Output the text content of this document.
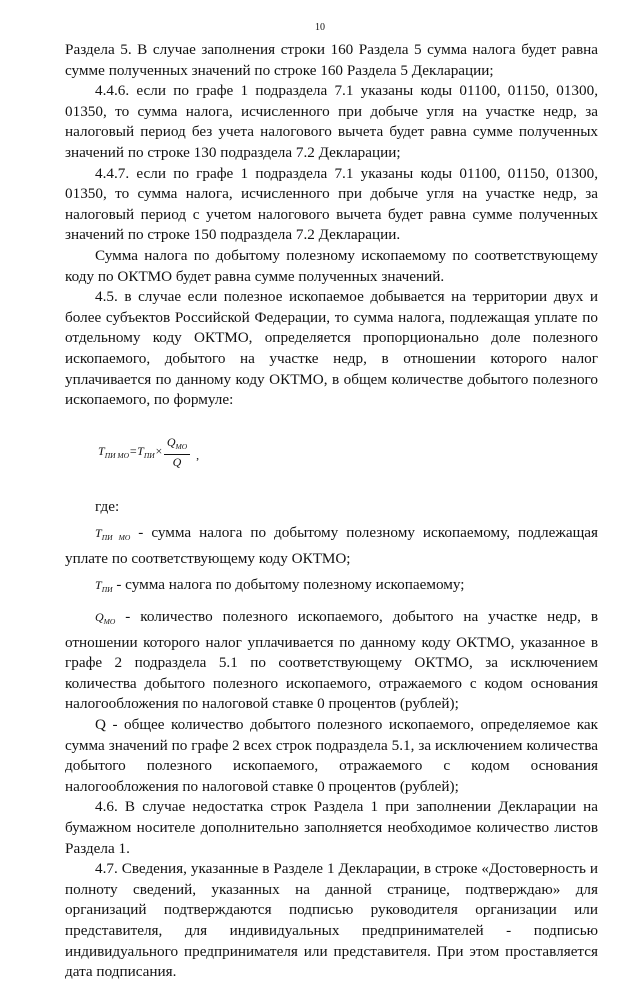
10

Раздела 5. В случае заполнения строки 160 Раздела 5 сумма налога будет равна сумме полученных значений по строке 160 Раздела 5 Декларации;

4.4.6. если по графе 1 подраздела 7.1 указаны коды 01100, 01150, 01300, 01350, то сумма налога, исчисленного при добыче угля на участке недр, за налоговый период без учета налогового вычета будет равна сумме полученных значений по строке 130 подраздела 7.2 Декларации;

4.4.7. если по графе 1 подраздела 7.1 указаны коды 01100, 01150, 01300, 01350, то сумма налога, исчисленного при добыче угля на участке недр, за налоговый период с учетом налогового вычета будет равна сумме полученных значений по строке 150 подраздела 7.2 Декларации.

Сумма налога по добытому полезному ископаемому по соответствующему коду по ОКТМО будет равна сумме полученных значений.

4.5. в случае если полезное ископаемое добывается на территории двух и более субъектов Российской Федерации, то сумма налога, подлежащая уплате по отдельному коду ОКТМО, определяется пропорционально доле полезного ископаемого, добытого на участке недр, в отношении которого налог уплачивается по данному коду ОКТМО, в общем количестве добытого полезного ископаемого, по формуле:

$T_{ПИ МО}=T_{ПИ}\times \frac{Q_{МО}}{Q}$ ,

где:

$T_{ПИ МО}$ - сумма налога по добытому полезному ископаемому, подлежащая уплате по соответствующему коду ОКТМО;

$T_{ПИ}$ - сумма налога по добытому полезному ископаемому;

$Q_{МО}$ - количество полезного ископаемого, добытого на участке недр, в отношении которого налог уплачивается по данному коду ОКТМО, указанное в графе 2 подраздела 5.1 по соответствующему ОКТМО, за исключением количества добытого полезного ископаемого, отражаемого с кодом основания налогообложения по налоговой ставке 0 процентов (рублей);

Q - общее количество добытого полезного ископаемого, определяемое как сумма значений по графе 2 всех строк подраздела 5.1, за исключением количества добытого полезного ископаемого, отражаемого с кодом основания налогообложения по налоговой ставке 0 процентов (рублей);

4.6. В случае недостатка строк Раздела 1 при заполнении Декларации на бумажном носителе дополнительно заполняется необходимое количество листов Раздела 1.

4.7. Сведения, указанные в Разделе 1 Декларации, в строке «Достоверность и полноту сведений, указанных на данной странице, подтверждаю» для организаций подтверждаются подписью руководителя организации или представителя, для индивидуальных предпринимателей - подписью индивидуального предпринимателя или представителя. При этом проставляется дата подписания.
